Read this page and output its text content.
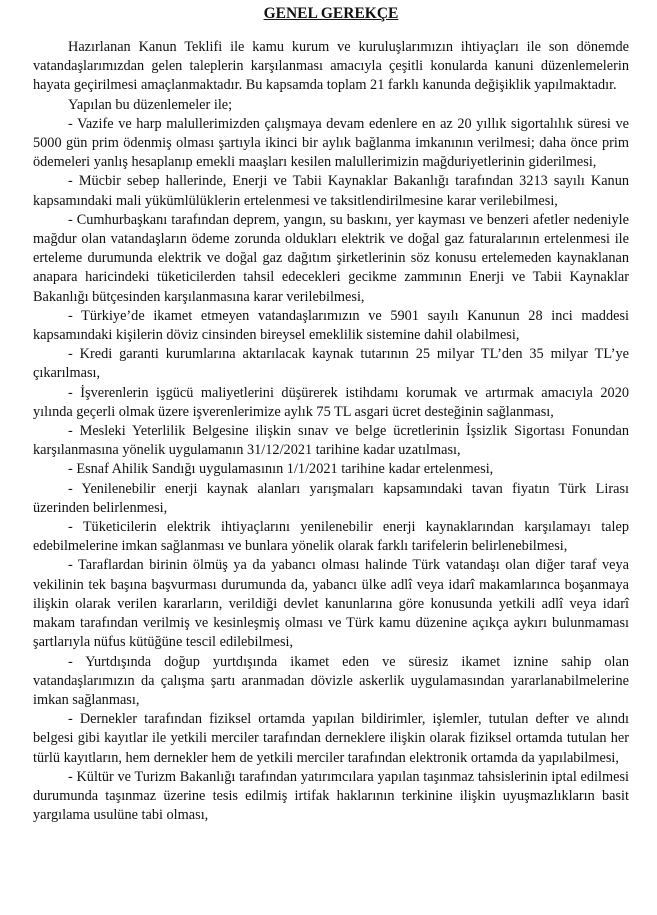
GENEL GEREKÇE

Hazırlanan Kanun Teklifi ile kamu kurum ve kuruluşlarımızın ihtiyaçları ile son dönemde vatandaşlarımızdan gelen taleplerin karşılanması amacıyla çeşitli konularda kanuni düzenlemelerin hayata geçirilmesi amaçlanmaktadır. Bu kapsamda toplam 21 farklı kanunda değişiklik yapılmaktadır.

Yapılan bu düzenlemeler ile;

- Vazife ve harp malullerimizden çalışmaya devam edenlere en az 20 yıllık sigortalılık süresi ve 5000 gün prim ödenmiş olması şartıyla ikinci bir aylık bağlanma imkanının verilmesi; daha önce prim ödemeleri yanlış hesaplanıp emekli maaşları kesilen malullerimizin mağduriyetlerinin giderilmesi,

- Mücbir sebep hallerinde, Enerji ve Tabii Kaynaklar Bakanlığı tarafından 3213 sayılı Kanun kapsamındaki mali yükümlülüklerin ertelenmesi ve taksitlendirilmesine karar verilebilmesi,

- Cumhurbaşkanı tarafından deprem, yangın, su baskını, yer kayması ve benzeri afetler nedeniyle mağdur olan vatandaşların ödeme zorunda oldukları elektrik ve doğal gaz faturalarının ertelenmesi ile erteleme durumunda elektrik ve doğal gaz dağıtım şirketlerinin söz konusu ertelemeden kaynaklanan anapara haricindeki tüketicilerden tahsil edecekleri gecikme zammının Enerji ve Tabii Kaynaklar Bakanlığı bütçesinden karşılanmasına karar verilebilmesi,

- Türkiye’de ikamet etmeyen vatandaşlarımızın ve 5901 sayılı Kanunun 28 inci maddesi kapsamındaki kişilerin döviz cinsinden bireysel emeklilik sistemine dahil olabilmesi,

- Kredi garanti kurumlarına aktarılacak kaynak tutarının 25 milyar TL’den 35 milyar TL’ye çıkarılması,

- İşverenlerin işgücü maliyetlerini düşürerek istihdamı korumak ve artırmak amacıyla 2020 yılında geçerli olmak üzere işverenlerimize aylık 75 TL asgari ücret desteğinin sağlanması,

- Mesleki Yeterlilik Belgesine ilişkin sınav ve belge ücretlerinin İşsizlik Sigortası Fonundan karşılanmasına yönelik uygulamanın 31/12/2021 tarihine kadar uzatılması,

- Esnaf Ahilik Sandığı uygulamasının 1/1/2021 tarihine kadar ertelenmesi,

- Yenilenebilir enerji kaynak alanları yarışmaları kapsamındaki tavan fiyatın Türk Lirası üzerinden belirlenmesi,

- Tüketicilerin elektrik ihtiyaçlarını yenilenebilir enerji kaynaklarından karşılamayı talep edebilmelerine imkan sağlanması ve bunlara yönelik olarak farklı tarifelerin belirlenebilmesi,

- Taraflardan birinin ölmüş ya da yabancı olması halinde Türk vatandaşı olan diğer taraf veya vekilinin tek başına başvurması durumunda da, yabancı ülke adlî veya idarî makamlarınca boşanmaya ilişkin olarak verilen kararların, verildiği devlet kanunlarına göre konusunda yetkili adlî veya idarî makam tarafından verilmiş ve kesinleşmiş olması ve Türk kamu düzenine açıkça aykırı bulunmaması şartlarıyla nüfus kütüğüne tescil edilebilmesi,

- Yurtdışında doğup yurtdışında ikamet eden ve süresiz ikamet iznine sahip olan vatandaşlarımızın da çalışma şartı aranmadan dövizle askerlik uygulamasından yararlanabilmelerine imkan sağlanması,

- Dernekler tarafından fiziksel ortamda yapılan bildirimler, işlemler, tutulan defter ve alındı belgesi gibi kayıtlar ile yetkili merciler tarafından derneklere ilişkin olarak fiziksel ortamda tutulan her türlü kayıtların, hem dernekler hem de yetkili merciler tarafından elektronik ortamda da yapılabilmesi,

- Kültür ve Turizm Bakanlığı tarafından yatırımcılara yapılan taşınmaz tahsislerinin iptal edilmesi durumunda taşınmaz üzerine tesis edilmiş irtifak haklarının terkinine ilişkin uyuşmazlıkların basit yargılama usulüne tabi olması,
